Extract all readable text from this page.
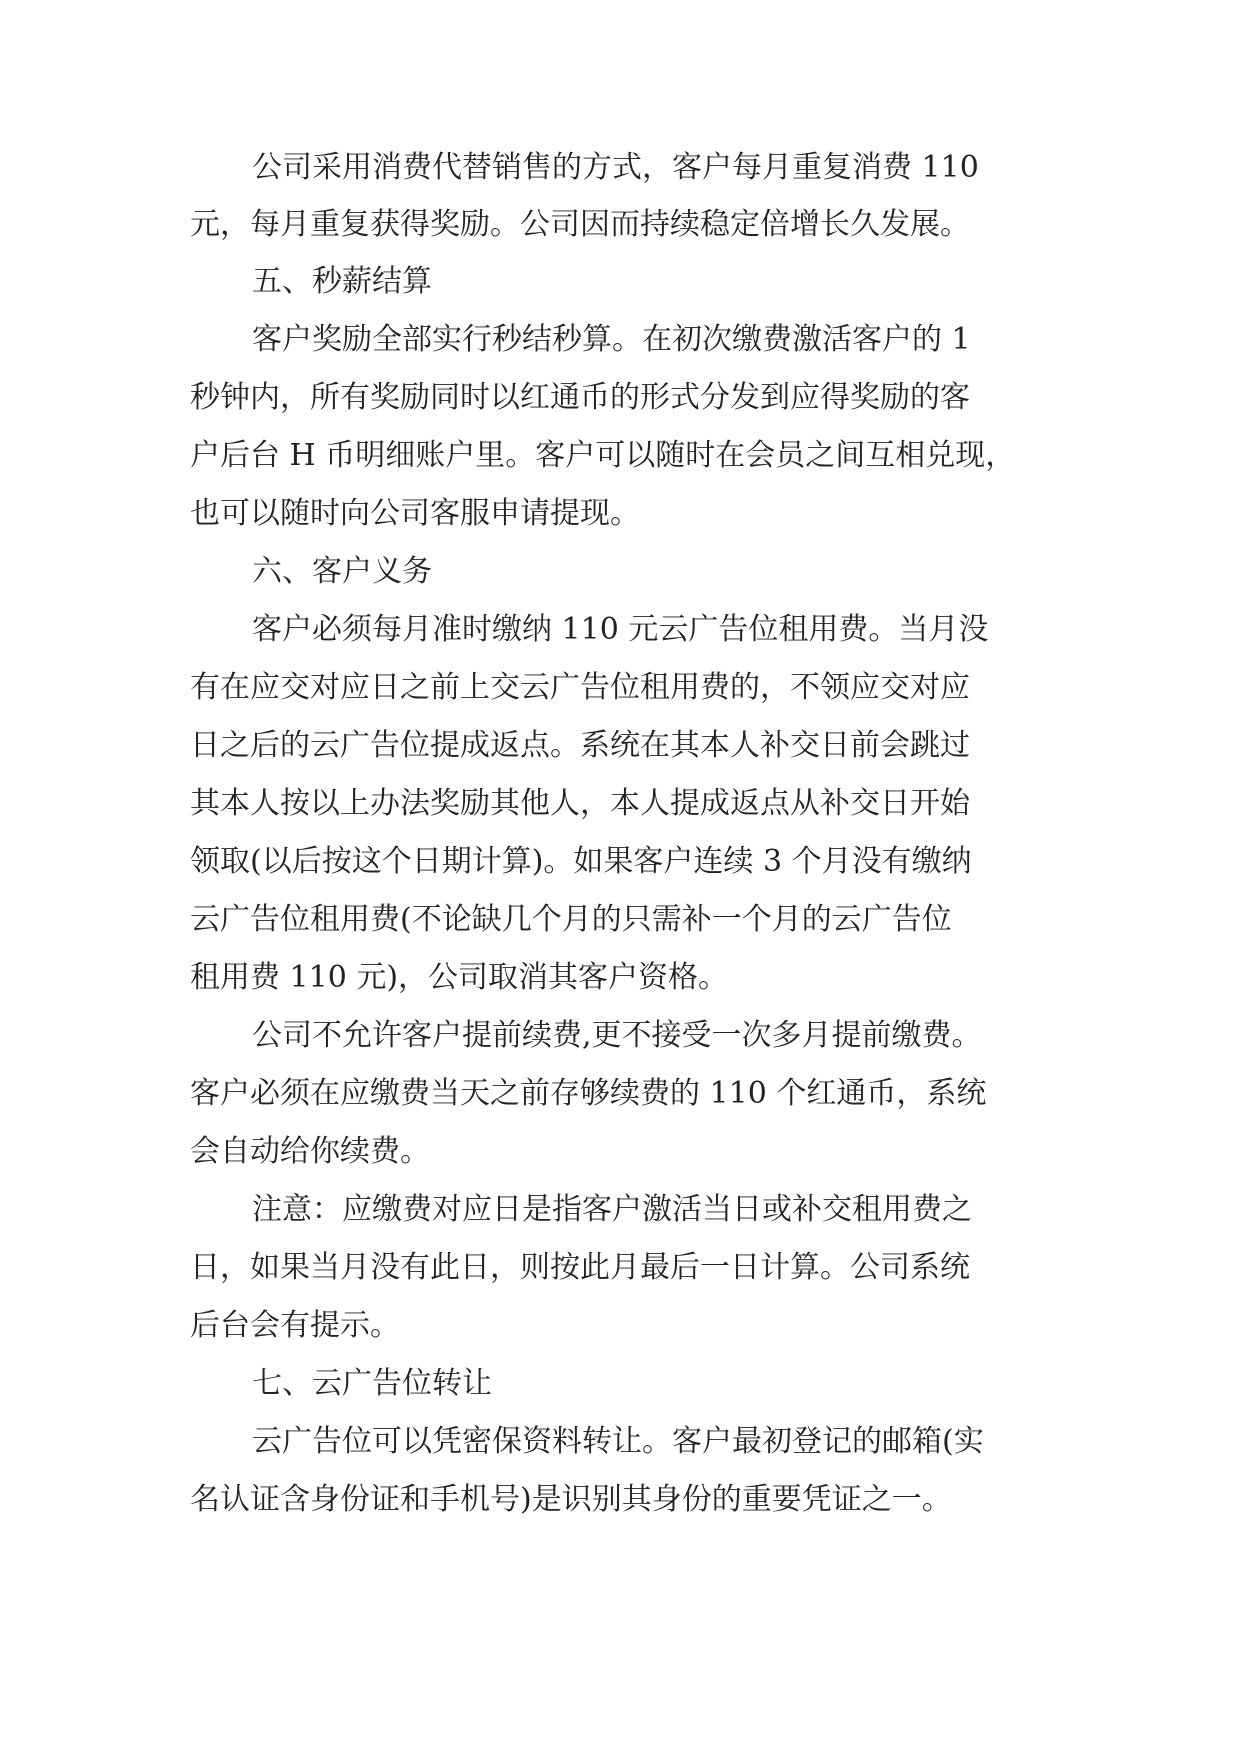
公司采用消费代替销售的方式，客户每月重复消费 110

元，每月重复获得奖励。公司因而持续稳定倍增长久发展。

五、秒薪结算

客户奖励全部实行秒结秒算。在初次缴费激活客户的 1

秒钟内，所有奖励同时以红通币的形式分发到应得奖励的客

户后台 H 币明细账户里。客户可以随时在会员之间互相兑现，

也可以随时向公司客服申请提现。

六、客户义务

客户必须每月准时缴纳 110 元云广告位租用费。当月没

有在应交对应日之前上交云广告位租用费的，不领应交对应

日之后的云广告位提成返点。系统在其本人补交日前会跳过

其本人按以上办法奖励其他人，本人提成返点从补交日开始

领取(以后按这个日期计算)。如果客户连续 3 个月没有缴纳

云广告位租用费(不论缺几个月的只需补一个月的云广告位

租用费 110 元)，公司取消其客户资格。

公司不允许客户提前续费,更不接受一次多月提前缴费。

客户必须在应缴费当天之前存够续费的 110 个红通币，系统

会自动给你续费。

注意：应缴费对应日是指客户激活当日或补交租用费之

日，如果当月没有此日，则按此月最后一日计算。公司系统

后台会有提示。

七、云广告位转让

云广告位可以凭密保资料转让。客户最初登记的邮箱(实

名认证含身份证和手机号)是识别其身份的重要凭证之一。
